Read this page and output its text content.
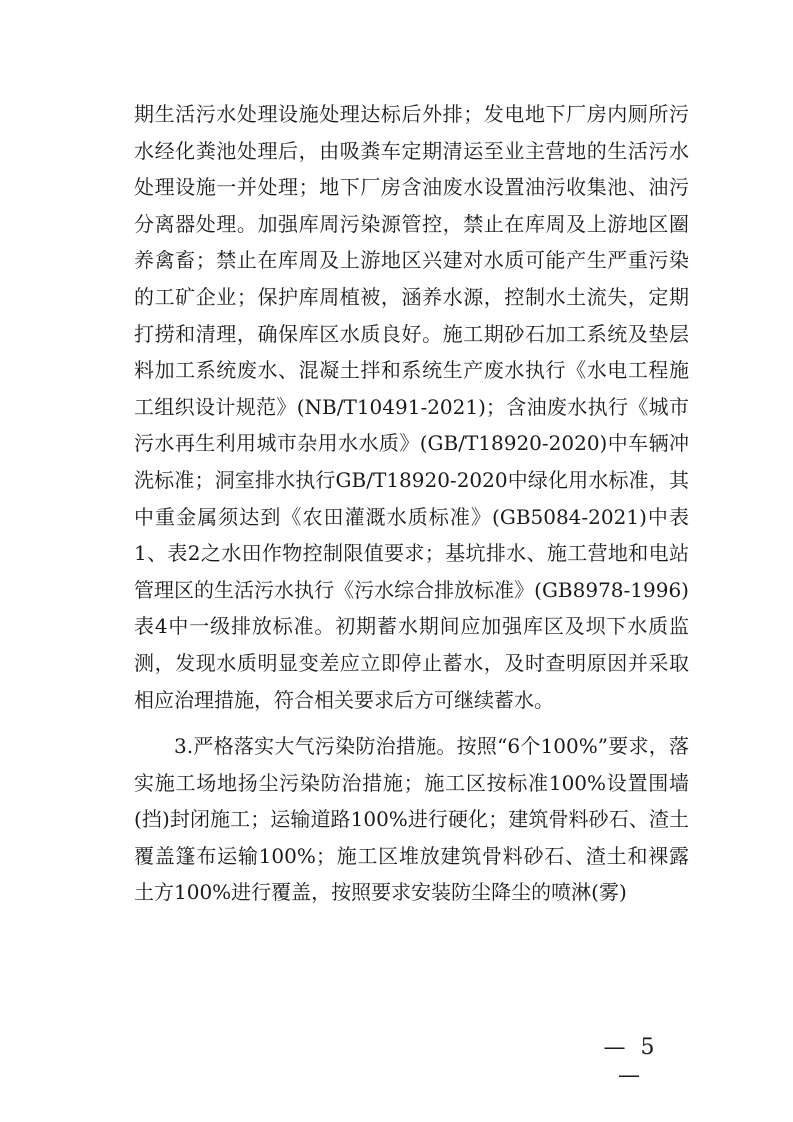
期生活污水处理设施处理达标后外排；发电地下厂房内厕所污水经化粪池处理后，由吸粪车定期清运至业主营地的生活污水处理设施一并处理；地下厂房含油废水设置油污收集池、油污分离器处理。加强库周污染源管控，禁止在库周及上游地区圈养禽畜；禁止在库周及上游地区兴建对水质可能产生严重污染的工矿企业；保护库周植被，涵养水源，控制水土流失，定期打捞和清理，确保库区水质良好。施工期砂石加工系统及垫层料加工系统废水、混凝土拌和系统生产废水执行《水电工程施工组织设计规范》(NB/T10491-2021)；含油废水执行《城市污水再生利用城市杂用水水质》(GB/T18920-2020)中车辆冲洗标准；洞室排水执行GB/T18920-2020中绿化用水标准，其中重金属须达到《农田灌溉水质标准》(GB5084-2021)中表1、表2之水田作物控制限值要求；基坑排水、施工营地和电站管理区的生活污水执行《污水综合排放标准》(GB8978-1996)表4中一级排放标准。初期蓄水期间应加强库区及坝下水质监测，发现水质明显变差应立即停止蓄水，及时查明原因并采取相应治理措施，符合相关要求后方可继续蓄水。

3.严格落实大气污染防治措施。按照“6个100%”要求，落实施工场地扬尘污染防治措施；施工区按标准100%设置围墙(挡)封闭施工；运输道路100%进行硬化；建筑骨料砂石、渣土覆盖篷布运输100%；施工区堆放建筑骨料砂石、渣土和裸露土方100%进行覆盖，按照要求安装防尘降尘的喷淋(雾)

— 5 —
